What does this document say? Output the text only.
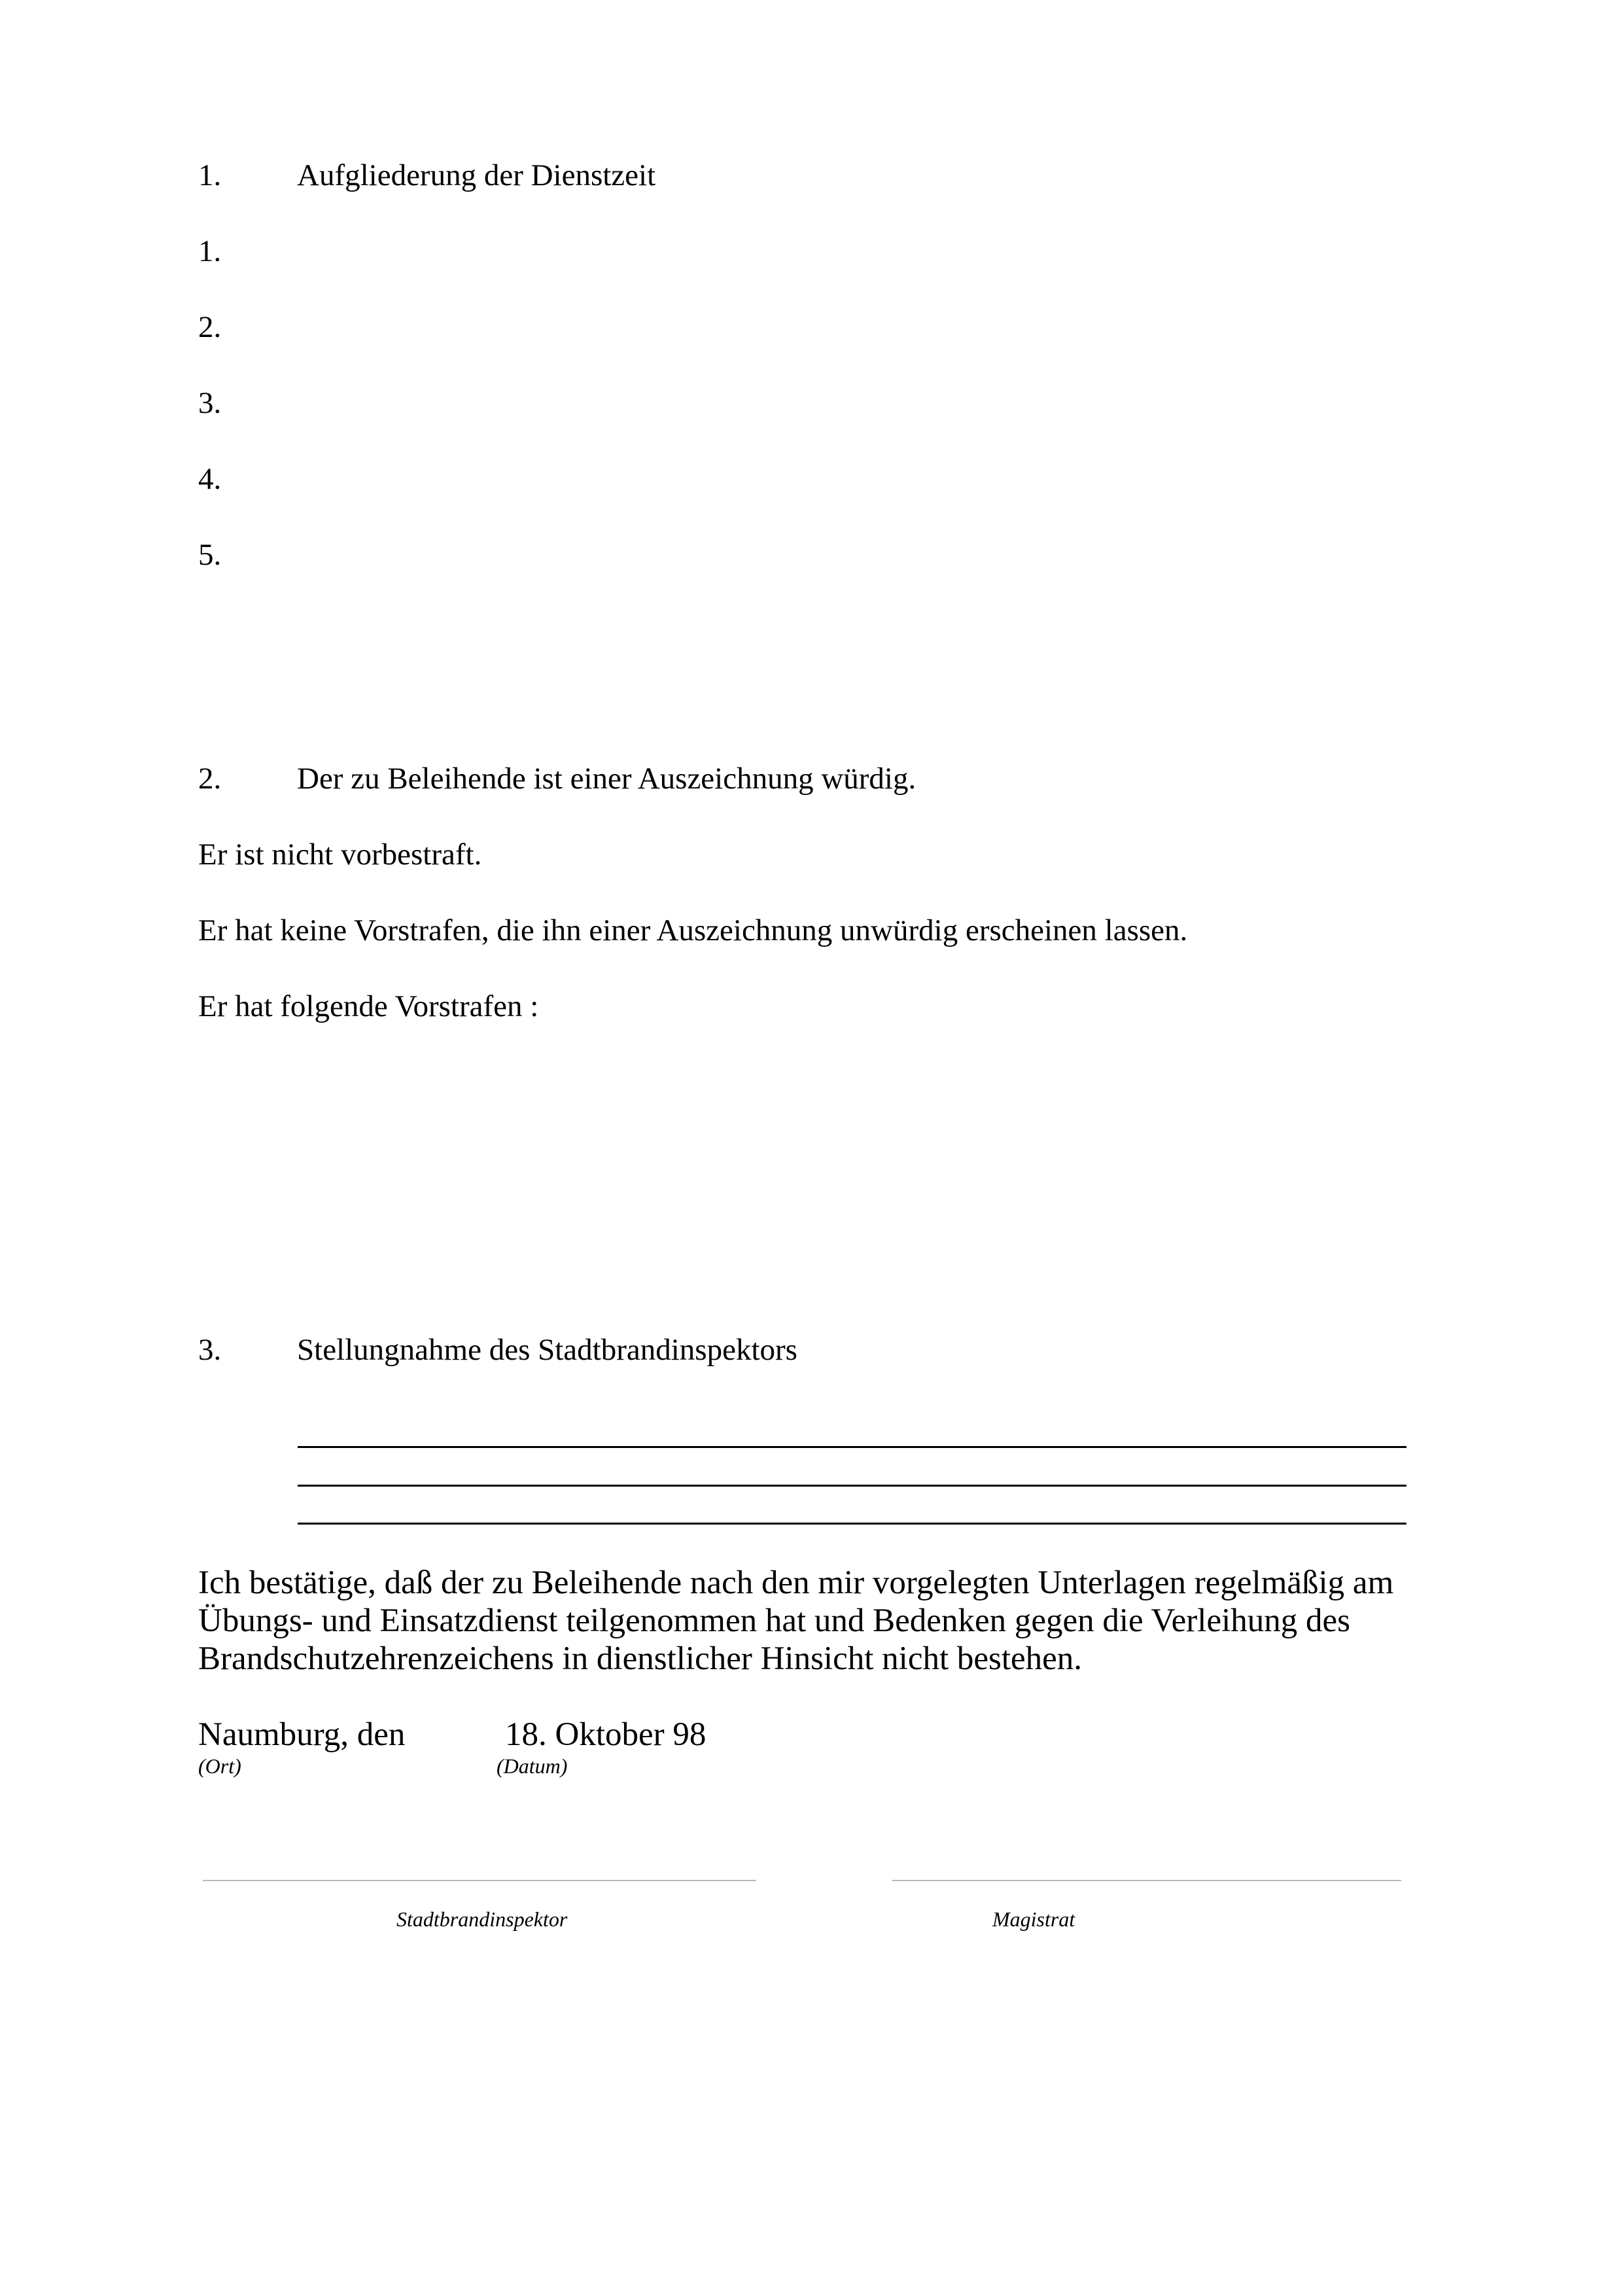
1. Aufgliederung der Dienstzeit
1.
2.
3.
4.
5.
2. Der zu Beleihende ist einer Auszeichnung würdig.
Er ist nicht vorbestraft.
Er hat keine Vorstrafen, die ihn einer Auszeichnung unwürdig erscheinen lassen.
Er hat folgende Vorstrafen :
3. Stellungnahme des Stadtbrandinspektors
Ich bestätige, daß der zu Beleihende nach den mir vorgelegten Unterlagen regelmäßig am
Übungs- und Einsatzdienst teilgenommen hat und Bedenken gegen die Verleihung des
Brandschutzehrenzeichens in dienstlicher Hinsicht nicht bestehen.
Naumburg, den	18. Oktober 98
(Ort)	(Datum)
Stadtbrandinspektor	Magistrat
